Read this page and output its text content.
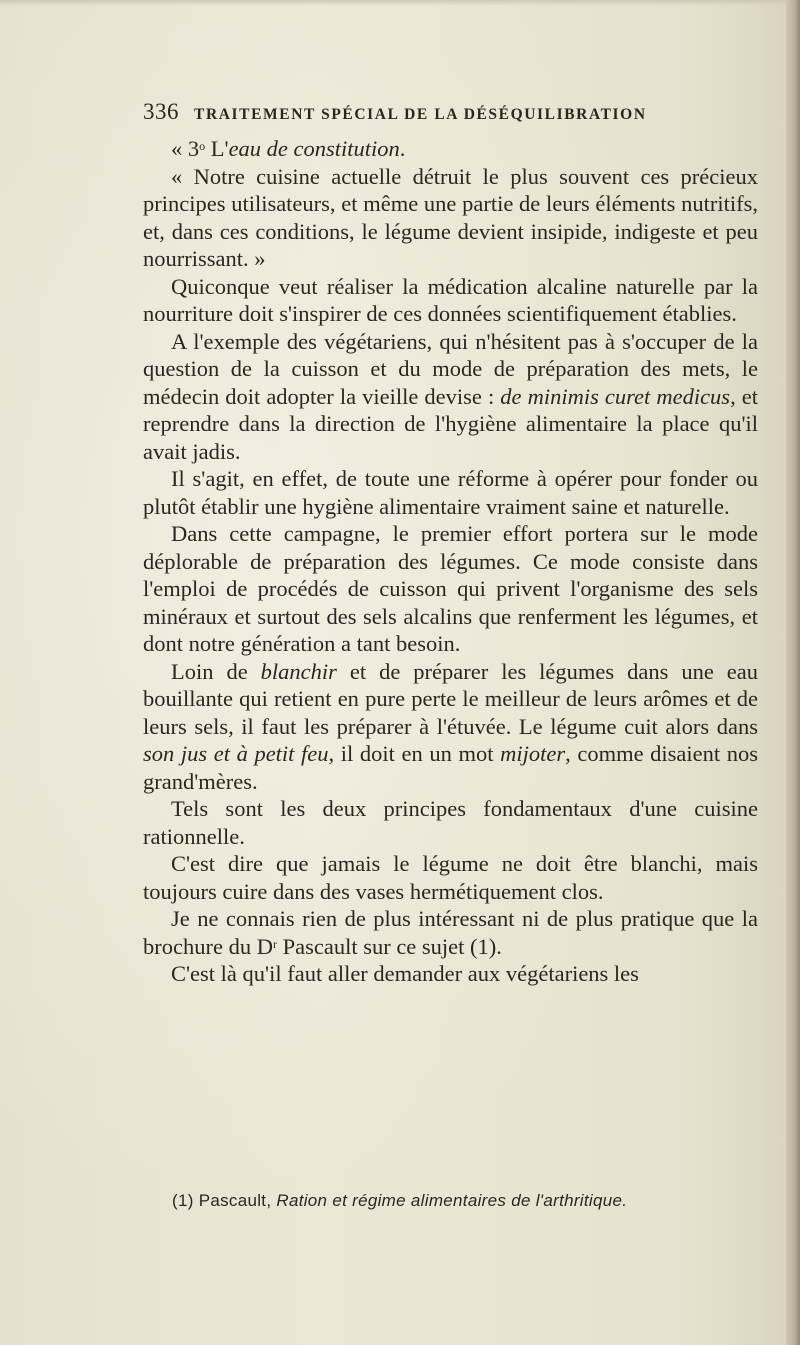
336 TRAITEMENT SPÉCIAL DE LA DÉSÉQUILIBRATION

« 3$^o$ L'eau de constitution.

« Notre cuisine actuelle détruit le plus souvent ces précieux principes utilisateurs, et même une partie de leurs éléments nutritifs, et, dans ces conditions, le légume devient insipide, indigeste et peu nourrissant. »

Quiconque veut réaliser la médication alcaline naturelle par la nourriture doit s'inspirer de ces données scientifiquement établies.

A l'exemple des végétariens, qui n'hésitent pas à s'occuper de la question de la cuisson et du mode de préparation des mets, le médecin doit adopter la vieille devise : de minimis curet medicus, et reprendre dans la direction de l'hygiène alimentaire la place qu'il avait jadis.

Il s'agit, en effet, de toute une réforme à opérer pour fonder ou plutôt établir une hygiène alimentaire vraiment saine et naturelle.

Dans cette campagne, le premier effort portera sur le mode déplorable de préparation des légumes. Ce mode consiste dans l'emploi de procédés de cuisson qui privent l'organisme des sels minéraux et surtout des sels alcalins que renferment les légumes, et dont notre génération a tant besoin.

Loin de blanchir et de préparer les légumes dans une eau bouillante qui retient en pure perte le meilleur de leurs arômes et de leurs sels, il faut les préparer à l'étuvée. Le légume cuit alors dans son jus et à petit feu, il doit en un mot mijoter, comme disaient nos grand'mères.

Tels sont les deux principes fondamentaux d'une cuisine rationnelle.

C'est dire que jamais le légume ne doit être blanchi, mais toujours cuire dans des vases hermétiquement clos.

Je ne connais rien de plus intéressant ni de plus pratique que la brochure du $D^r$ Pascault sur ce sujet (1).

C'est là qu'il faut aller demander aux végétariens les

(1) Pascault, Ration et régime alimentaires de l'arthritique.
